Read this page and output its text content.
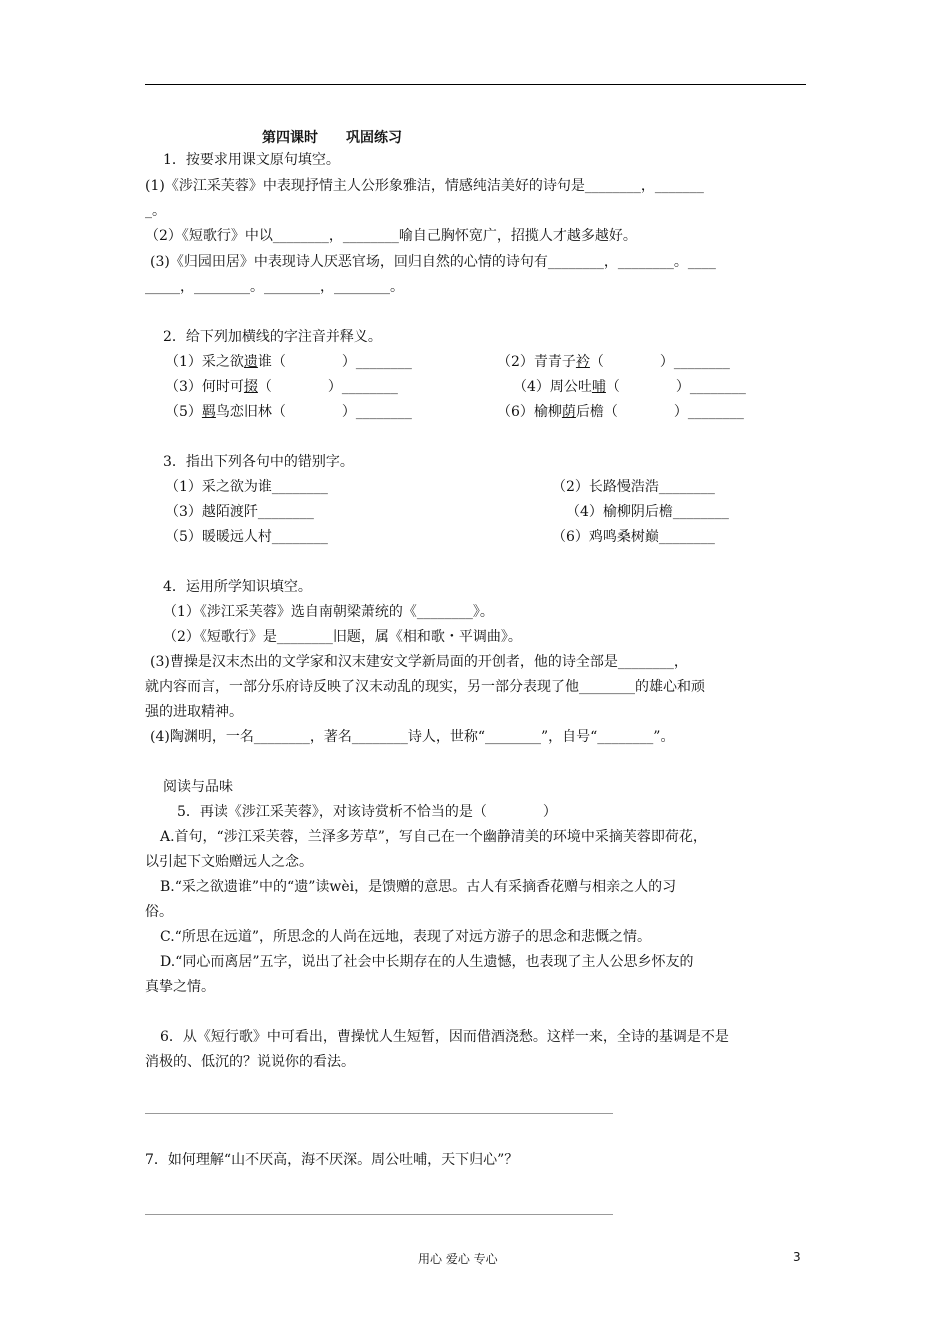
第四课时　　巩固练习
1．按要求用课文原句填空。
(1)《涉江采芙蓉》中表现抒情主人公形象雅洁，情感纯洁美好的诗句是________，_______
_。
（2）《短歌行》中以________，________喻自己胸怀宽广，招揽人才越多越好。
(3)《归园田居》中表现诗人厌恶官场，回归自然的心情的诗句有________，________。____
_____，________。________，________。
2．给下列加横线的字注音并释义。
（1）采之欲遗谁（　　　　）________	（2）青青子衿（　　　　）________
（3）何时可掇（　　　　）________	（4）周公吐哺（　　　　）________
（5）羁鸟恋旧林（　　　　）________	（6）榆柳荫后檐（　　　　）________
3．指出下列各句中的错别字。
（1）采之欲为谁________	（2）长路慢浩浩________
（3）越陌渡阡________	（4）榆柳阴后檐________
（5）暖暖远人村________	（6）鸡鸣桑树巅________
4．运用所学知识填空。
（1）《涉江采芙蓉》选自南朝梁萧统的《________》。
（2）《短歌行》是________旧题，属《相和歌・平调曲》。
(3)曹操是汉末杰出的文学家和汉末建安文学新局面的开创者，他的诗全部是________，
就内容而言，一部分乐府诗反映了汉末动乱的现实，另一部分表现了他________的雄心和顽
强的进取精神。
(4)陶渊明，一名________，著名________诗人，世称“________”，自号“________”。
阅读与品味
5．再读《涉江采芙蓉》，对该诗赏析不恰当的是（　　　　）
A.首句，“涉江采芙蓉，兰泽多芳草”，写自己在一个幽静清美的环境中采摘芙蓉即荷花，
以引起下文贻赠远人之念。
B.“采之欲遗谁”中的“遗”读wèi，是馈赠的意思。古人有采摘香花赠与相亲之人的习
俗。
C.“所思在远道”，所思念的人尚在远地，表现了对远方游子的思念和悲慨之情。
D.“同心而离居”五字，说出了社会中长期存在的人生遗憾，也表现了主人公思乡怀友的
真挚之情。
6．从《短行歌》中可看出，曹操忧人生短暂，因而借酒浇愁。这样一来，全诗的基调是不是
消极的、低沉的？说说你的看法。
7．如何理解“山不厌高，海不厌深。周公吐哺，天下归心”？
用心 爱心 专心	3
